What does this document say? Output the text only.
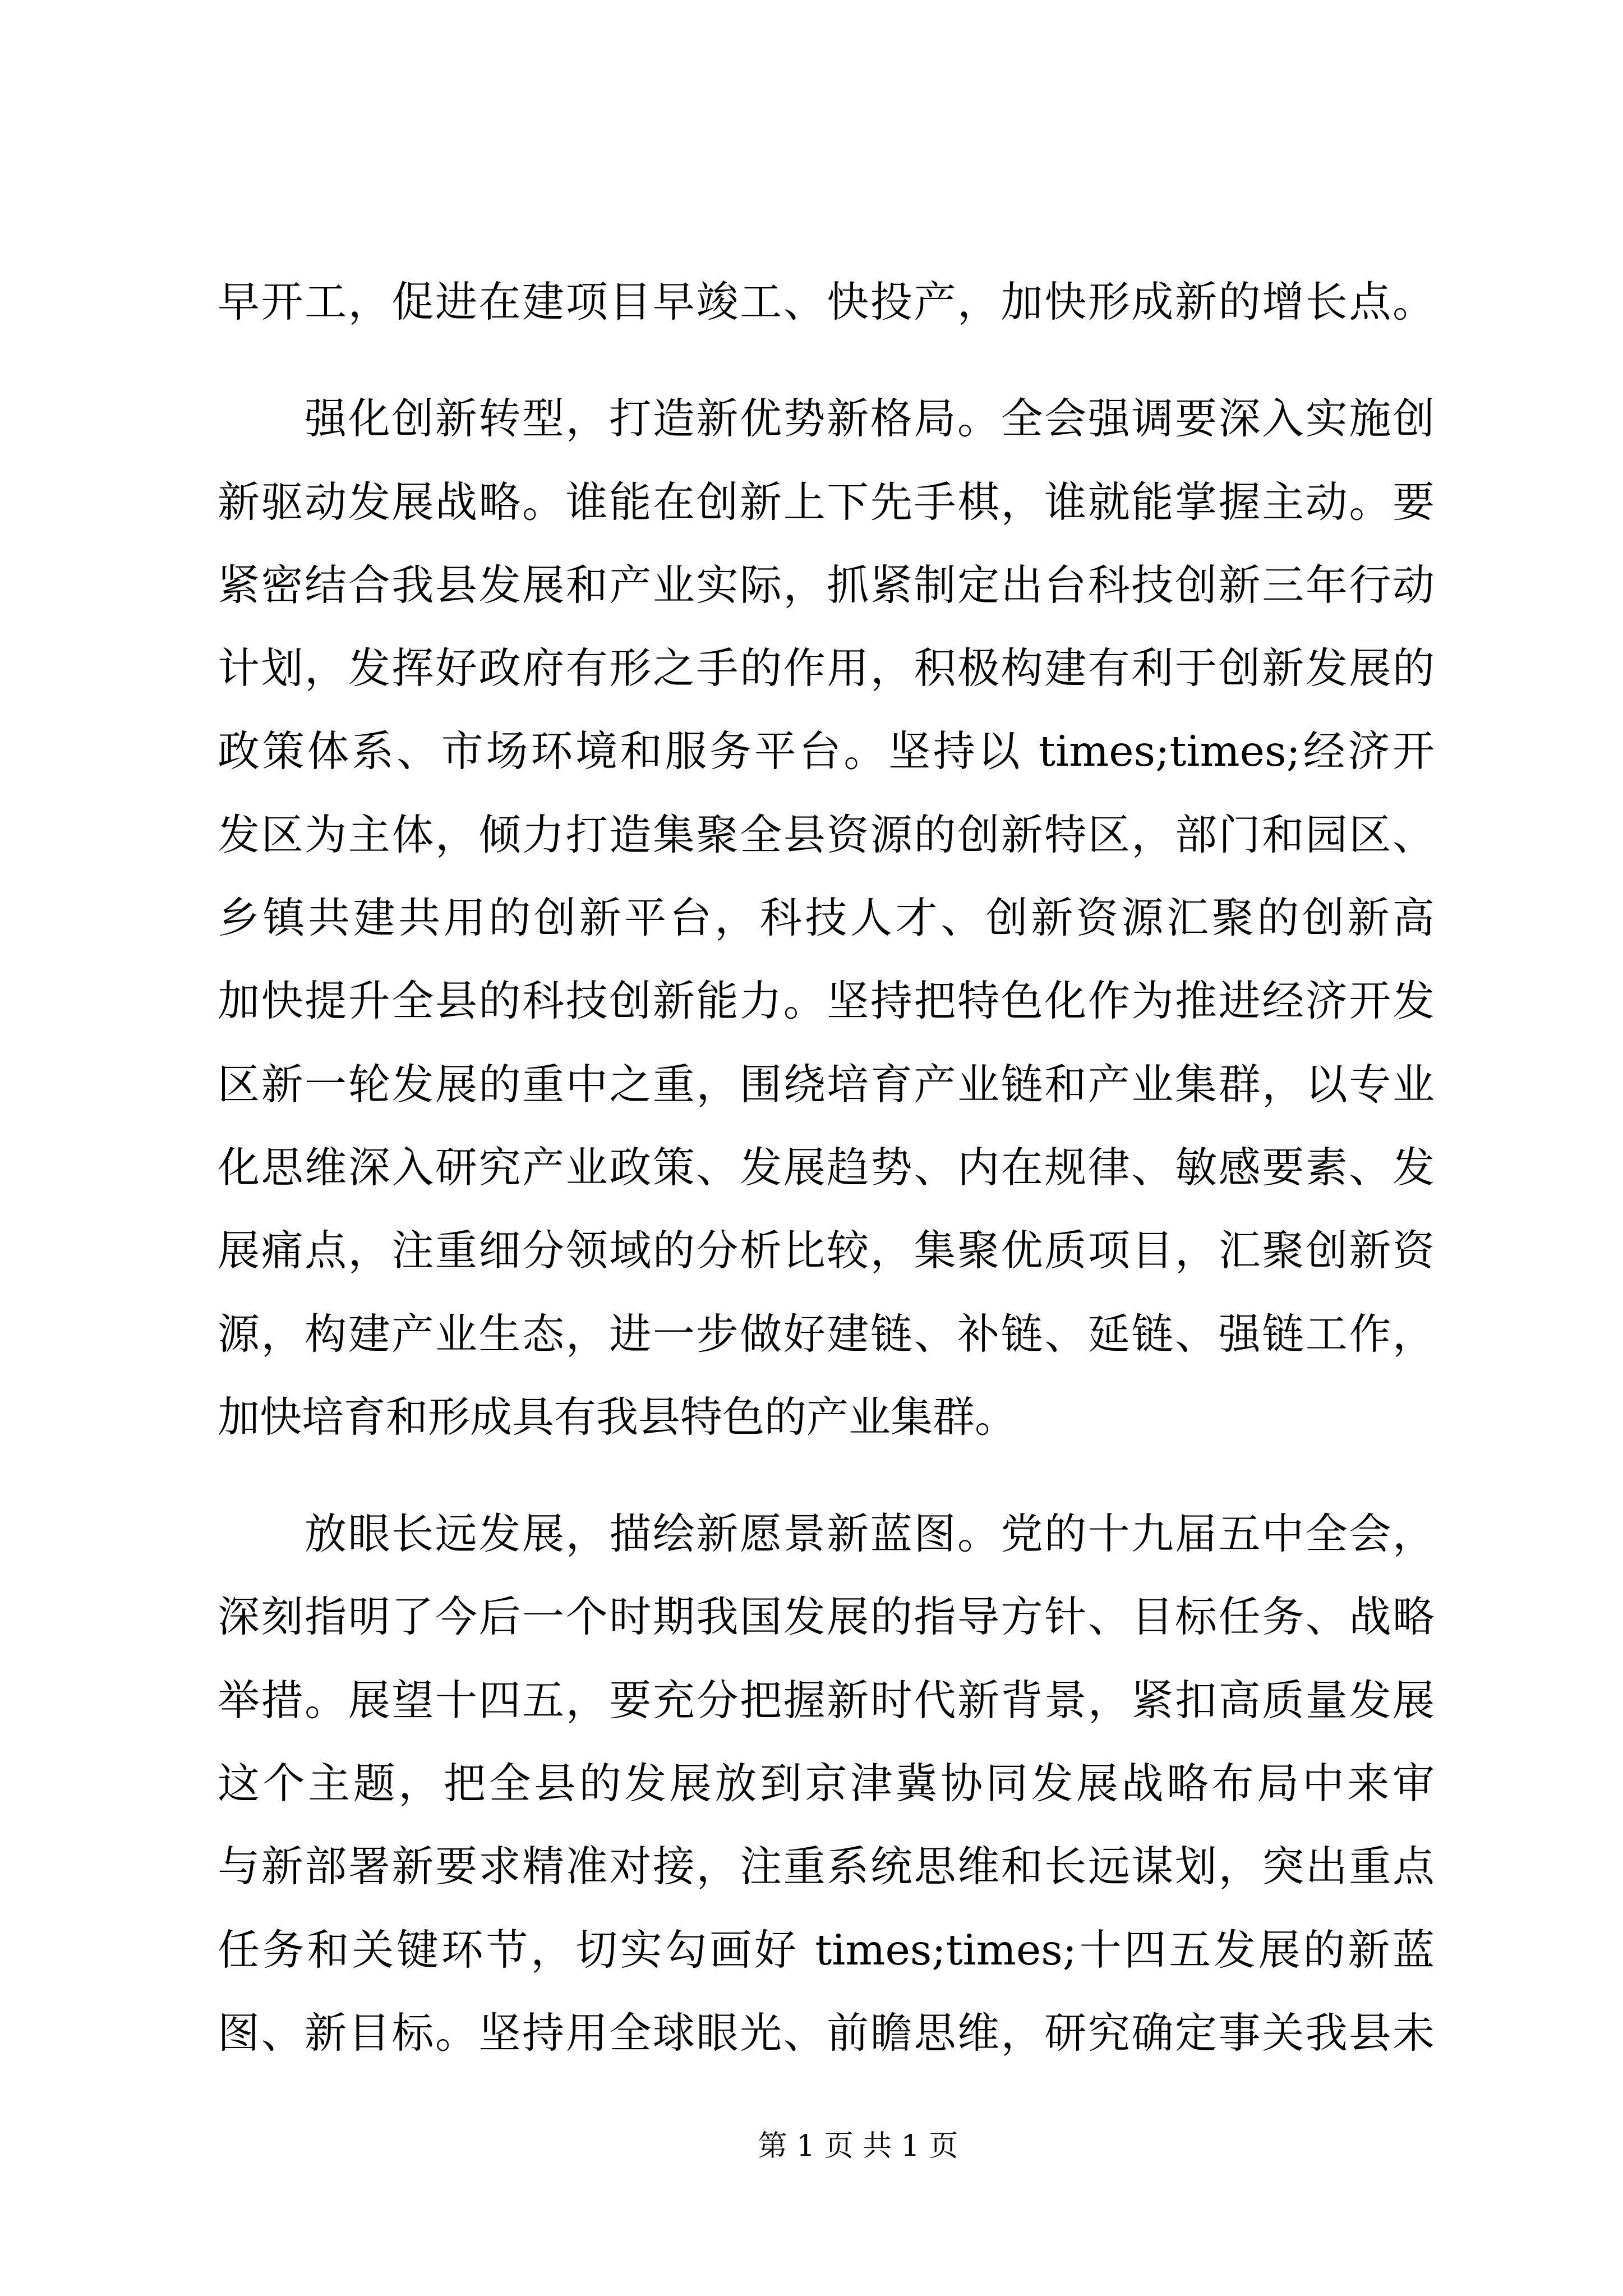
早开工，促进在建项目早竣工、快投产，加快形成新的增长点。
强化创新转型，打造新优势新格局。全会强调要深入实施创
新驱动发展战略。谁能在创新上下先手棋，谁就能掌握主动。要
紧密结合我县发展和产业实际，抓紧制定出台科技创新三年行动
计划，发挥好政府有形之手的作用，积极构建有利于创新发展的
政策体系、市场环境和服务平台。坚持以 times;times;经济开
发区为主体，倾力打造集聚全县资源的创新特区，部门和园区、
乡镇共建共用的创新平台，科技人才、创新资源汇聚的创新高
加快提升全县的科技创新能力。坚持把特色化作为推进经济开发
区新一轮发展的重中之重，围绕培育产业链和产业集群，以专业
化思维深入研究产业政策、发展趋势、内在规律、敏感要素、发
展痛点，注重细分领域的分析比较，集聚优质项目，汇聚创新资
源，构建产业生态，进一步做好建链、补链、延链、强链工作，
加快培育和形成具有我县特色的产业集群。
放眼长远发展，描绘新愿景新蓝图。党的十九届五中全会，
深刻指明了今后一个时期我国发展的指导方针、目标任务、战略
举措。展望十四五，要充分把握新时代新背景，紧扣高质量发展
这个主题，把全县的发展放到京津冀协同发展战略布局中来审
与新部署新要求精准对接，注重系统思维和长远谋划，突出重点
任务和关键环节，切实勾画好 times;times;十四五发展的新蓝
图、新目标。坚持用全球眼光、前瞻思维，研究确定事关我县未
第 1 页 共 1 页
